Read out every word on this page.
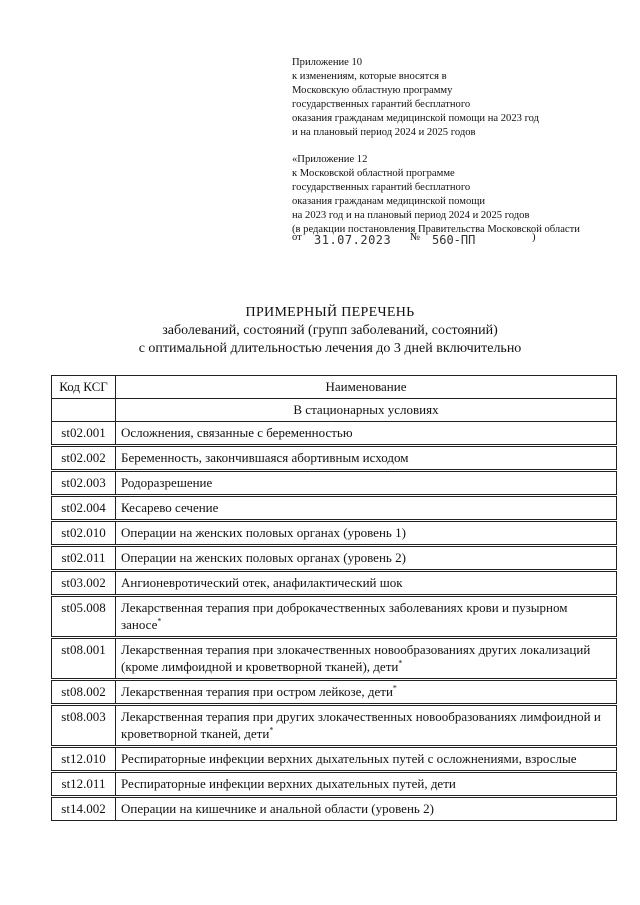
Приложение 10
к изменениям, которые вносятся в
Московскую областную программу
государственных гарантий бесплатного
оказания гражданам медицинской помощи на 2023 год
и на плановый период 2024 и 2025 годов
«Приложение 12
к Московской областной программе
государственных гарантий бесплатного
оказания гражданам медицинской помощи
на 2023 год и на плановый период 2024 и 2025 годов
(в редакции постановления Правительства Московской области
от 31.07.2023 № 560-ПП	)
ПРИМЕРНЫЙ ПЕРЕЧЕНЬ
заболеваний, состояний (групп заболеваний, состояний)
с оптимальной длительностью лечения до 3 дней включительно
Код КСГ	Наименование
	В стационарных условиях
st02.001	Осложнения, связанные с беременностью
st02.002	Беременность, закончившаяся абортивным исходом
st02.003	Родоразрешение
st02.004	Кесарево сечение
st02.010	Операции на женских половых органах (уровень 1)
st02.011	Операции на женских половых органах (уровень 2)
st03.002	Ангионевротический отек, анафилактический шок
st05.008	Лекарственная терапия при доброкачественных заболеваниях крови и пузырном заносе*
st08.001	Лекарственная терапия при злокачественных новообразованиях других локализаций (кроме лимфоидной и кроветворной тканей), дети*
st08.002	Лекарственная терапия при остром лейкозе, дети*
st08.003	Лекарственная терапия при других злокачественных новообразованиях лимфоидной и кроветворной тканей, дети*
st12.010	Респираторные инфекции верхних дыхательных путей с осложнениями, взрослые
st12.011	Респираторные инфекции верхних дыхательных путей, дети
st14.002	Операции на кишечнике и анальной области (уровень 2)
